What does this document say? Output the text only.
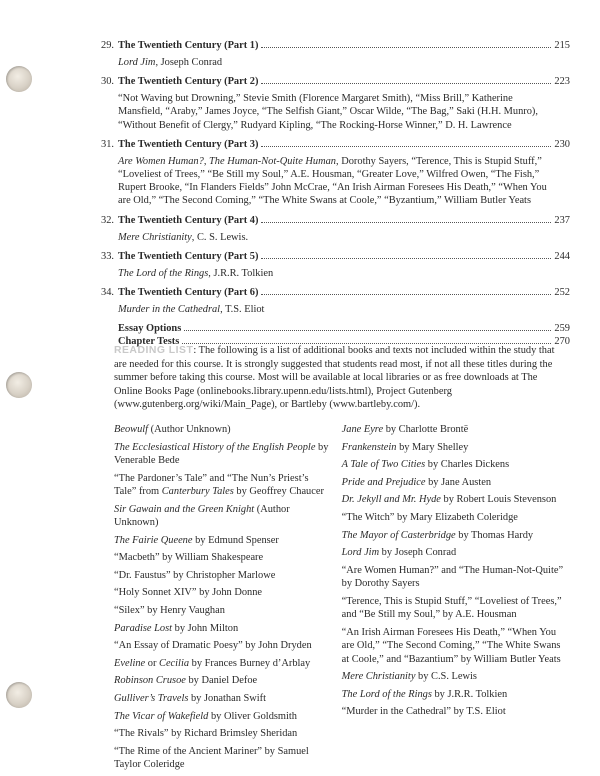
29. The Twentieth Century (Part 1)	215
Lord Jim, Joseph Conrad
30. The Twentieth Century (Part 2)	223
“Not Waving but Drowning,” Stevie Smith (Florence Margaret Smith), “Miss Brill,” Katherine Mansfield, “Araby,” James Joyce, “The Selfish Giant,” Oscar Wilde, “The Bag,” Saki (H.H. Munro), “Without Benefit of Clergy,” Rudyard Kipling, “The Rocking-Horse Winner,” D. H. Lawrence
31. The Twentieth Century (Part 3)	230
Are Women Human?, The Human-Not-Quite Human, Dorothy Sayers, “Terence, This is Stupid Stuff,” “Loveliest of Trees,” “Be Still my Soul,” A.E. Housman, “Greater Love,” Wilfred Owen, “The Fish,” Rupert Brooke, “In Flanders Fields” John McCrae, “An Irish Airman Foresees His Death,” “When You are Old,” “The Second Coming,” “The White Swans at Coole,” “Byzantium,” William Butler Yeats
32. The Twentieth Century (Part 4)	237
Mere Christianity, C. S. Lewis.
33. The Twentieth Century (Part 5)	244
The Lord of the Rings, J.R.R. Tolkien
34. The Twentieth Century (Part 6)	252
Murder in the Cathedral, T.S. Eliot
Essay Options	259
Chapter Tests	270
READING LIST: The following is a list of additional books and texts not included within the study that are needed for this course. It is strongly suggested that students read most, if not all these titles during the summer before taking this course. Most will be available at local libraries or as free downloads at The Online Books Page (onlinebooks.library.upenn.edu/lists.html), Project Gutenberg (www.gutenberg.org/wiki/Main_Page), or Bartleby (www.bartleby.com/).
Beowulf (Author Unknown)
The Ecclesiastical History of the English People by Venerable Bede
“The Pardoner’s Tale” and “The Nun’s Priest’s Tale” from Canterbury Tales by Geoffrey Chaucer
Sir Gawain and the Green Knight (Author Unknown)
The Fairie Queene by Edmund Spenser
“Macbeth” by William Shakespeare
“Dr. Faustus” by Christopher Marlowe
“Holy Sonnet XIV” by John Donne
“Silex” by Henry Vaughan
Paradise Lost by John Milton
“An Essay of Dramatic Poesy” by John Dryden
Eveline or Cecilia by Frances Burney d’Arblay
Robinson Crusoe by Daniel Defoe
Gulliver’s Travels by Jonathan Swift
The Vicar of Wakefield by Oliver Goldsmith
“The Rivals” by Richard Brimsley Sheridan
“The Rime of the Ancient Mariner” by Samuel Taylor Coleridge
Jane Eyre by Charlotte Brontë
Frankenstein by Mary Shelley
A Tale of Two Cities by Charles Dickens
Pride and Prejudice by Jane Austen
Dr. Jekyll and Mr. Hyde by Robert Louis Stevenson
“The Witch” by Mary Elizabeth Coleridge
The Mayor of Casterbridge by Thomas Hardy
Lord Jim by Joseph Conrad
“Are Women Human?” and “The Human-Not-Quite” by Dorothy Sayers
“Terence, This is Stupid Stuff,” “Loveliest of Trees,” and “Be Still my Soul,” by A.E. Housman
“An Irish Airman Foresees His Death,” “When You are Old,” “The Second Coming,” “The White Swans at Coole,” and “Bazantium” by William Butler Yeats
Mere Christianity by C.S. Lewis
The Lord of the Rings by J.R.R. Tolkien
“Murder in the Cathedral” by T.S. Eliot
